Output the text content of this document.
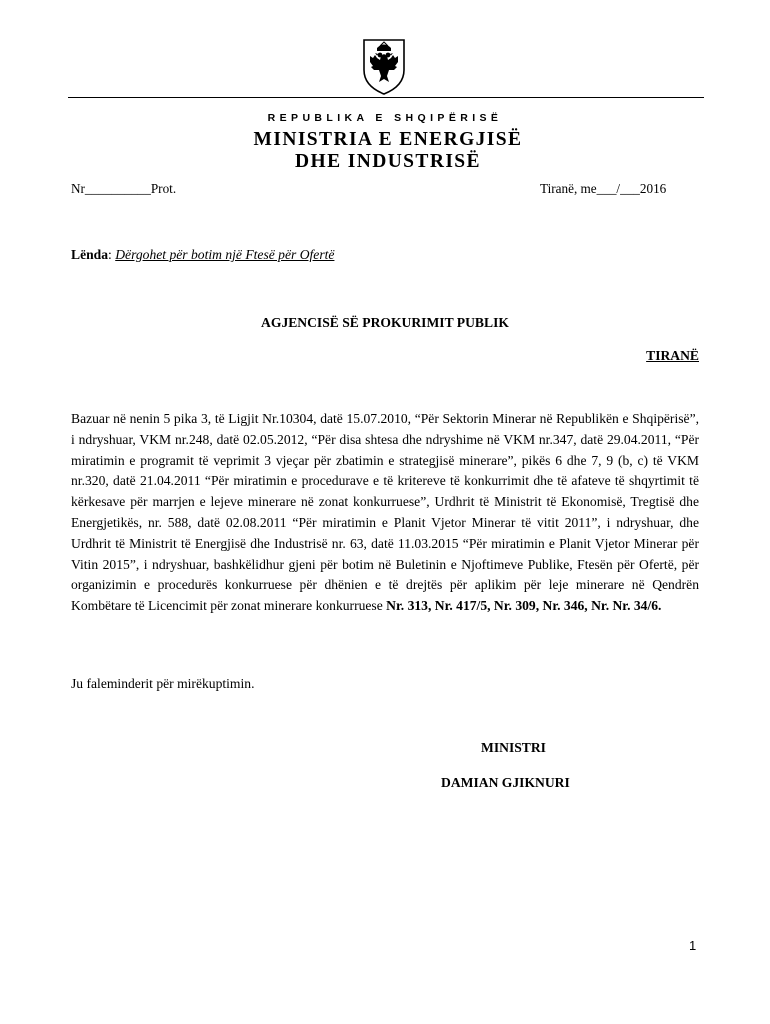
REPUBLIKA E SHQIPËRISË
MINISTRIA E ENERGJISË
DHE INDUSTRISË
Nr__________Prot.	Tiranë, me___/___2016
Lënda: Dërgohet për botim një Ftesë për Ofertë
AGJENCISË SË PROKURIMIT PUBLIK
TIRANË
Bazuar në nenin 5 pika 3, të Ligjit Nr.10304, datë 15.07.2010, “Për Sektorin Minerar në Republikën e Shqipërisë”, i ndryshuar, VKM nr.248, datë 02.05.2012, “Për disa shtesa dhe ndryshime në VKM nr.347, datë 29.04.2011, “Për miratimin e programit të veprimit 3 vjeçar për zbatimin e strategjisë minerare”, pikës 6 dhe 7, 9 (b, c) të VKM nr.320, datë 21.04.2011 “Për miratimin e procedurave e të kritereve të konkurrimit dhe të afateve të shqyrtimit të kërkesave për marrjen e lejeve minerare në zonat konkurruese”, Urdhrit të Ministrit të Ekonomisë, Tregtisë dhe Energjetikës, nr. 588, datë 02.08.2011 “Për miratimin e Planit Vjetor Minerar të vitit 2011”, i ndryshuar, dhe Urdhrit të Ministrit të Energjisë dhe Industrisë nr. 63, datë 11.03.2015 “Për miratimin e Planit Vjetor Minerar për Vitin 2015”, i ndryshuar, bashkëlidhur gjeni për botim në Buletinin e Njoftimeve Publike, Ftesën për Ofertë, për organizimin e procedurës konkurruese për dhënien e të drejtës për aplikim për leje minerare në Qendrën Kombëtare të Licencimit për zonat minerare konkurruese Nr. 313, Nr. 417/5, Nr. 309, Nr. 346, Nr. Nr. 34/6.
Ju faleminderit për mirëkuptimin.
MINISTRI
DAMIAN GJIKNURI
1
